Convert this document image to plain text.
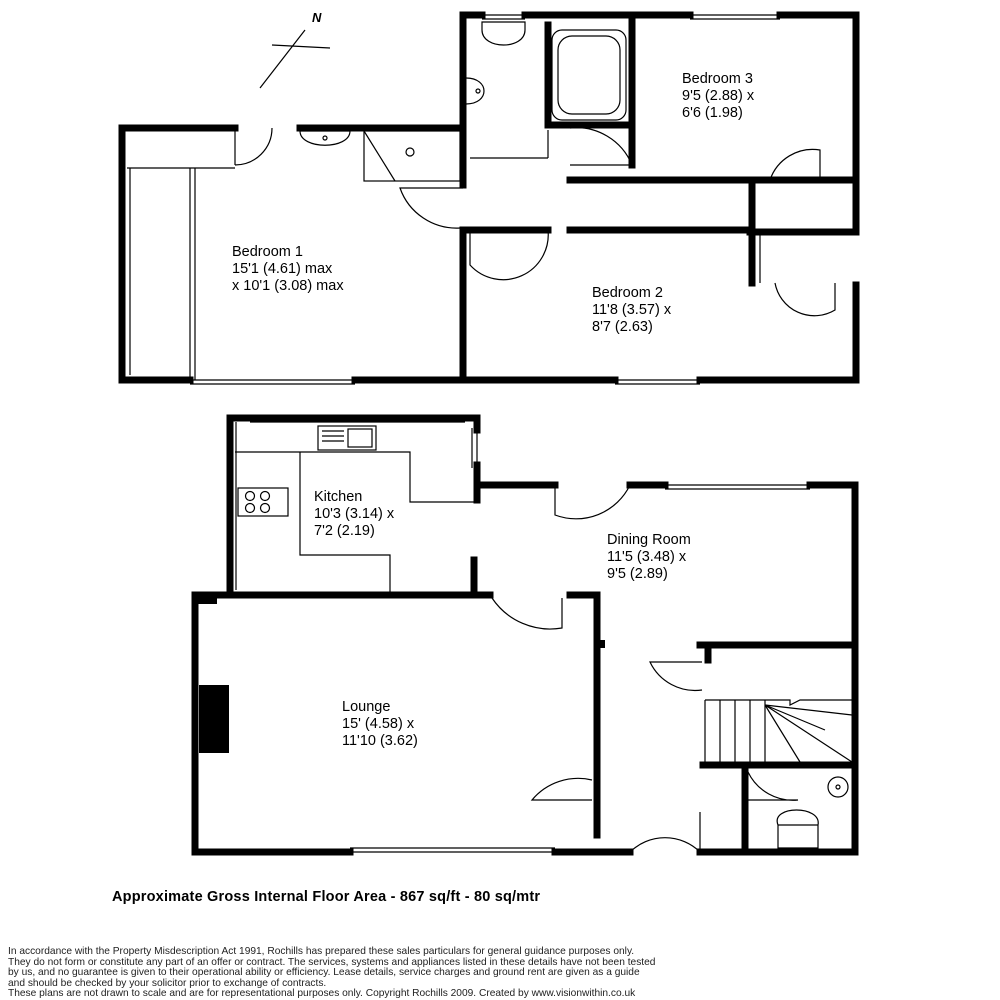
N
Bedroom 1
15'1 (4.61) max
x 10'1 (3.08) max	Bedroom 2
11'8 (3.57) x
8'7 (2.63)
Bedroom 3
9'5 (2.88) x
6'6 (1.98)
Kitchen
10'3 (3.14) x
7'2 (2.19)
Dining Room
11'5 (3.48) x
9'5 (2.89)
Lounge
15' (4.58) x
11'10 (3.62)
Approximate Gross Internal Floor Area - 867 sq/ft - 80 sq/mtr
In accordance with the Property Misdescription Act 1991, Rochills has prepared these sales particulars for general guidance purposes only.
They do not form or constitute any part of an offer or contract. The services, systems and appliances listed in these details have not been tested
by us, and no guarantee is given to their operational ability or efficiency. Lease details, service charges and ground rent are given as a guide
and should be checked by your solicitor prior to exchange of contracts.
These plans are not drawn to scale and are for representational purposes only. Copyright Rochills 2009. Created by www.visionwithin.co.uk
